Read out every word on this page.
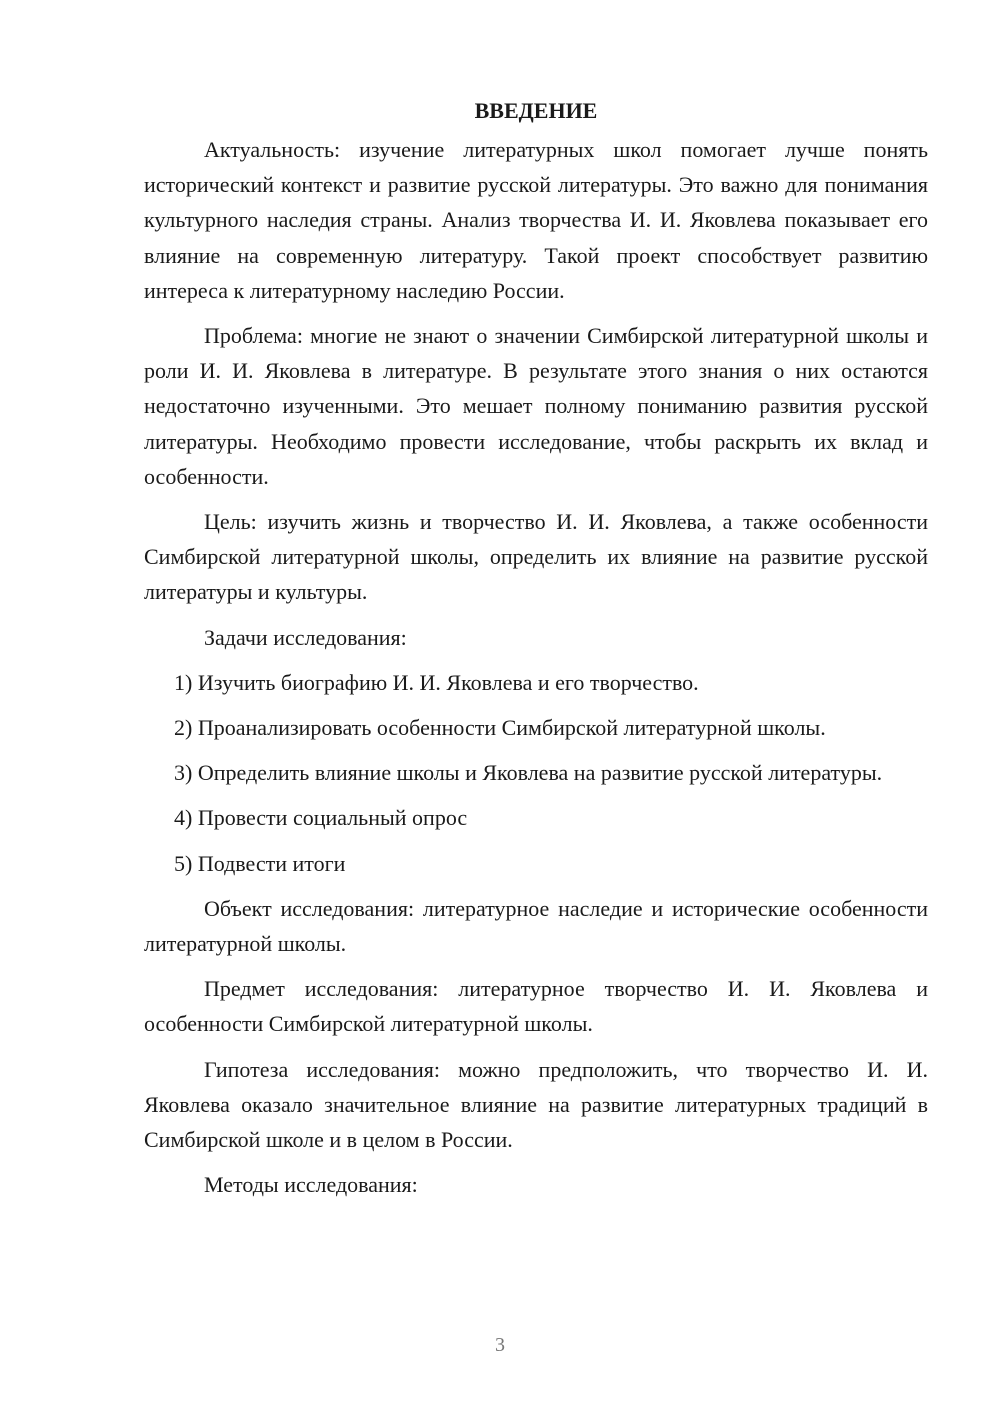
ВВЕДЕНИЕ

Актуальность: изучение литературных школ помогает лучше понять исторический контекст и развитие русской литературы. Это важно для понимания культурного наследия страны. Анализ творчества И. И. Яковлева показывает его влияние на современную литературу. Такой проект способствует развитию интереса к литературному наследию России.

Проблема: многие не знают о значении Симбирской литературной школы и роли И. И. Яковлева в литературе. В результате этого знания о них остаются недостаточно изученными. Это мешает полному пониманию развития русской литературы. Необходимо провести исследование, чтобы раскрыть их вклад и особенности.

Цель: изучить жизнь и творчество И. И. Яковлева, а также особенности Симбирской литературной школы, определить их влияние на развитие русской литературы и культуры.

Задачи исследования:

1) Изучить биографию И. И. Яковлева и его творчество.

2) Проанализировать особенности Симбирской литературной школы.

3) Определить влияние школы и Яковлева на развитие русской литературы.

4) Провести социальный опрос

5) Подвести итоги

Объект исследования: литературное наследие и исторические особенности литературной школы.

Предмет исследования: литературное творчество И. И. Яковлева и особенности Симбирской литературной школы.

Гипотеза исследования: можно предположить, что творчество И. И. Яковлева оказало значительное влияние на развитие литературных традиций в Симбирской школе и в целом в России.

Методы исследования:

3
